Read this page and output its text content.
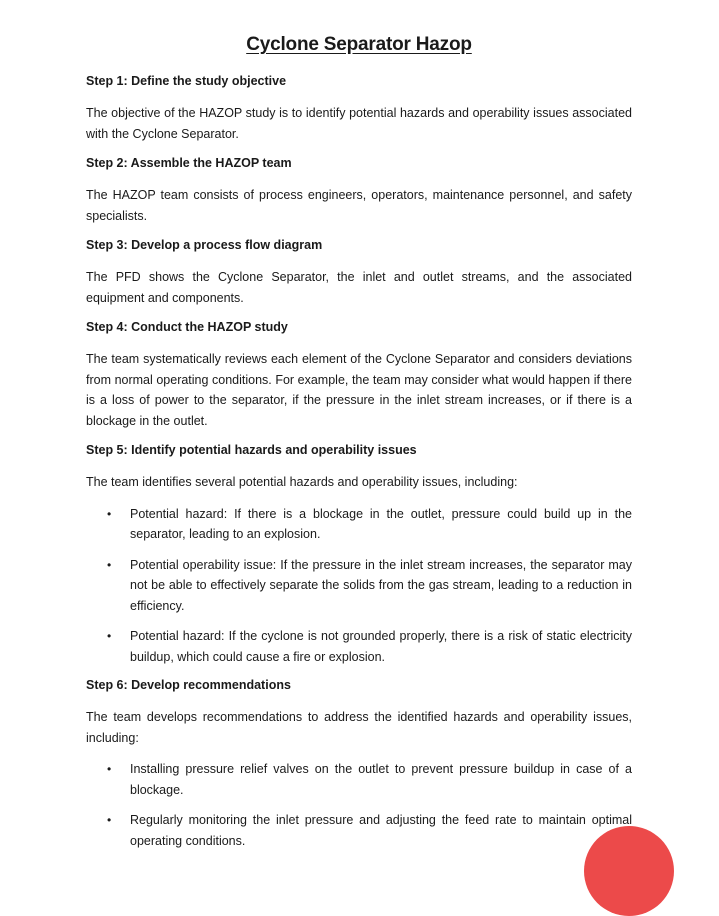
Cyclone Separator Hazop
Step 1: Define the study objective

The objective of the HAZOP study is to identify potential hazards and operability issues associated with the Cyclone Separator.

Step 2: Assemble the HAZOP team

The HAZOP team consists of process engineers, operators, maintenance personnel, and safety specialists.

Step 3: Develop a process flow diagram

The PFD shows the Cyclone Separator, the inlet and outlet streams, and the associated equipment and components.

Step 4: Conduct the HAZOP study

The team systematically reviews each element of the Cyclone Separator and considers deviations from normal operating conditions. For example, the team may consider what would happen if there is a loss of power to the separator, if the pressure in the inlet stream increases, or if there is a blockage in the outlet.

Step 5: Identify potential hazards and operability issues

The team identifies several potential hazards and operability issues, including:

• Potential hazard: If there is a blockage in the outlet, pressure could build up in the separator, leading to an explosion.
• Potential operability issue: If the pressure in the inlet stream increases, the separator may not be able to effectively separate the solids from the gas stream, leading to a reduction in efficiency.
• Potential hazard: If the cyclone is not grounded properly, there is a risk of static electricity buildup, which could cause a fire or explosion.
Step 6: Develop recommendations

The team develops recommendations to address the identified hazards and operability issues, including:

• Installing pressure relief valves on the outlet to prevent pressure buildup in case of a blockage.
• Regularly monitoring the inlet pressure and adjusting the feed rate to maintain optimal operating conditions.
